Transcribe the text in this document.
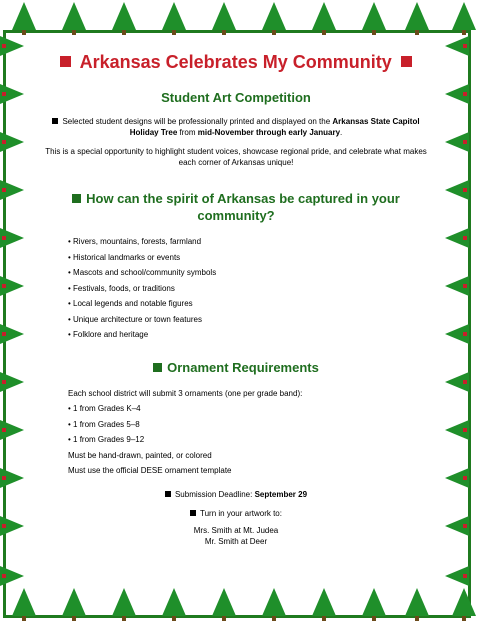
Arkansas Celebrates My Community
Student Art Competition

Selected student designs will be professionally printed and displayed on the Arkansas State Capitol Holiday Tree from mid-November through early January.

This is a special opportunity to highlight student voices, showcase regional pride, and celebrate what makes each corner of Arkansas unique!

How can the spirit of Arkansas be captured in your community?
• Rivers, mountains, forests, farmland
• Historical landmarks or events
• Mascots and school/community symbols
• Festivals, foods, or traditions
• Local legends and notable figures
• Unique architecture or town features
• Folklore and heritage
Ornament Requirements
Each school district will submit 3 ornaments (one per grade band):
• 1 from Grades K–4
• 1 from Grades 5–8
• 1 from Grades 9–12
Must be hand-drawn, painted, or colored
Must use the official DESE ornament template

Submission Deadline: September 29

Turn in your artwork to:

Mrs. Smith at Mt. Judea

Mr. Smith at Deer
